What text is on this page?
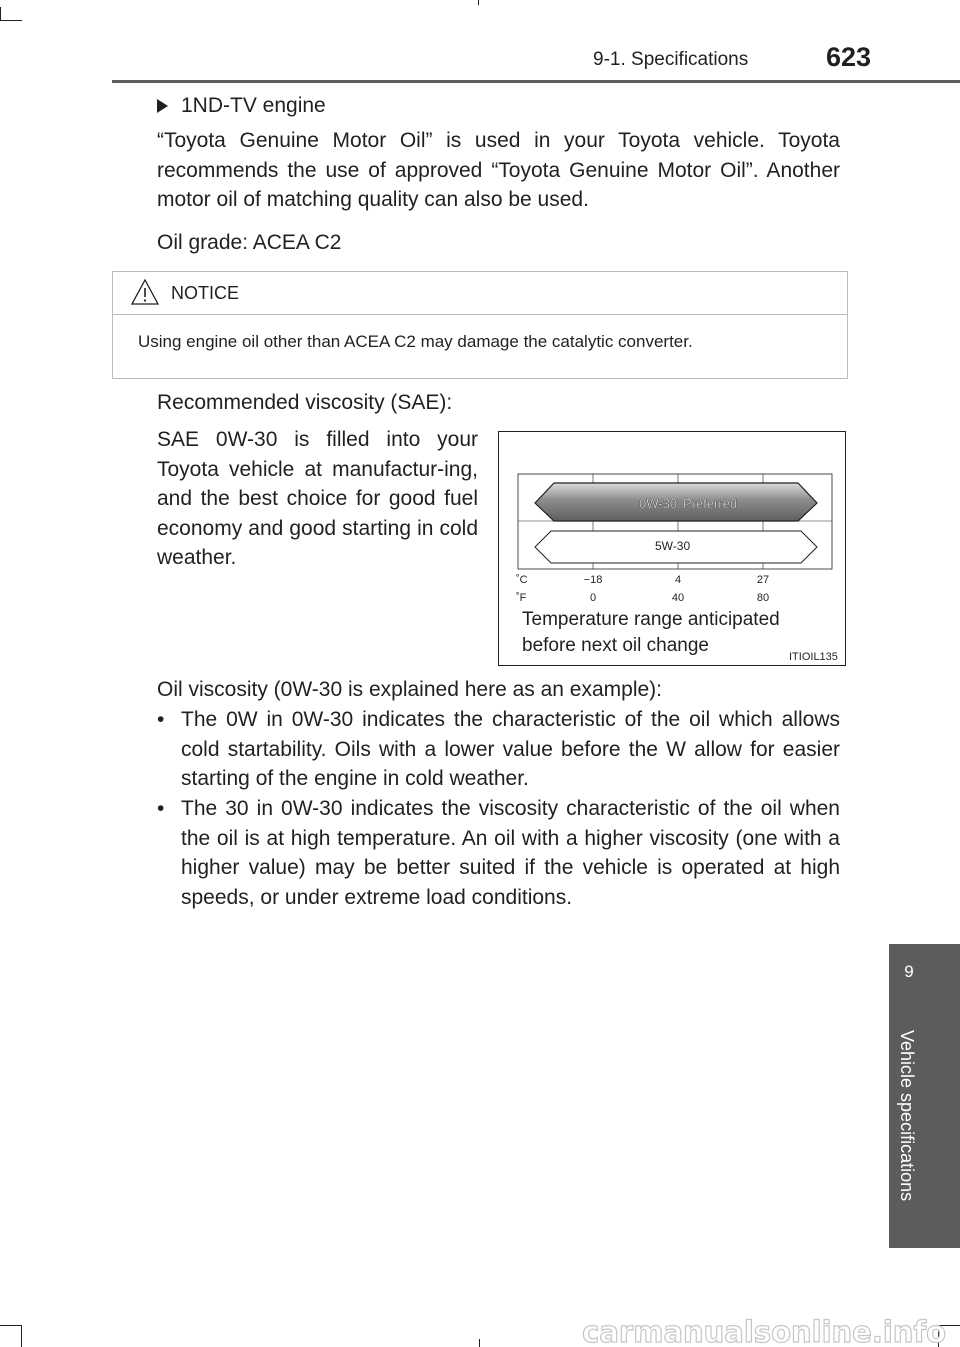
9-1. Specifications	623
9
Vehicle specifications
1ND-TV engine

“Toyota Genuine Motor Oil” is used in your Toyota vehicle. Toyota recommends the use of approved “Toyota Genuine Motor Oil”. Another motor oil of matching quality can also be used.

Oil grade: ACEA C2

NOTICE
Using engine oil other than ACEA C2 may damage the catalytic converter.

Recommended viscosity (SAE):

SAE 0W-30 is filled into your Toyota vehicle at manufactur-ing, and the best choice for good fuel economy and good starting in cold weather.

0W-30 Preferred
5W-30
˚C
˚F
−18	4	27
0	40	80
Temperature range anticipated
before next oil change
ITIOIL135

Oil viscosity (0W-30 is explained here as an example):

• The 0W in 0W-30 indicates the characteristic of the oil which allows cold startability. Oils with a lower value before the W allow for easier starting of the engine in cold weather.
• The 30 in 0W-30 indicates the viscosity characteristic of the oil when the oil is at high temperature. An oil with a higher viscosity (one with a higher value) may be better suited if the vehicle is operated at high speeds, or under extreme load conditions.
carmanualsonline.info
